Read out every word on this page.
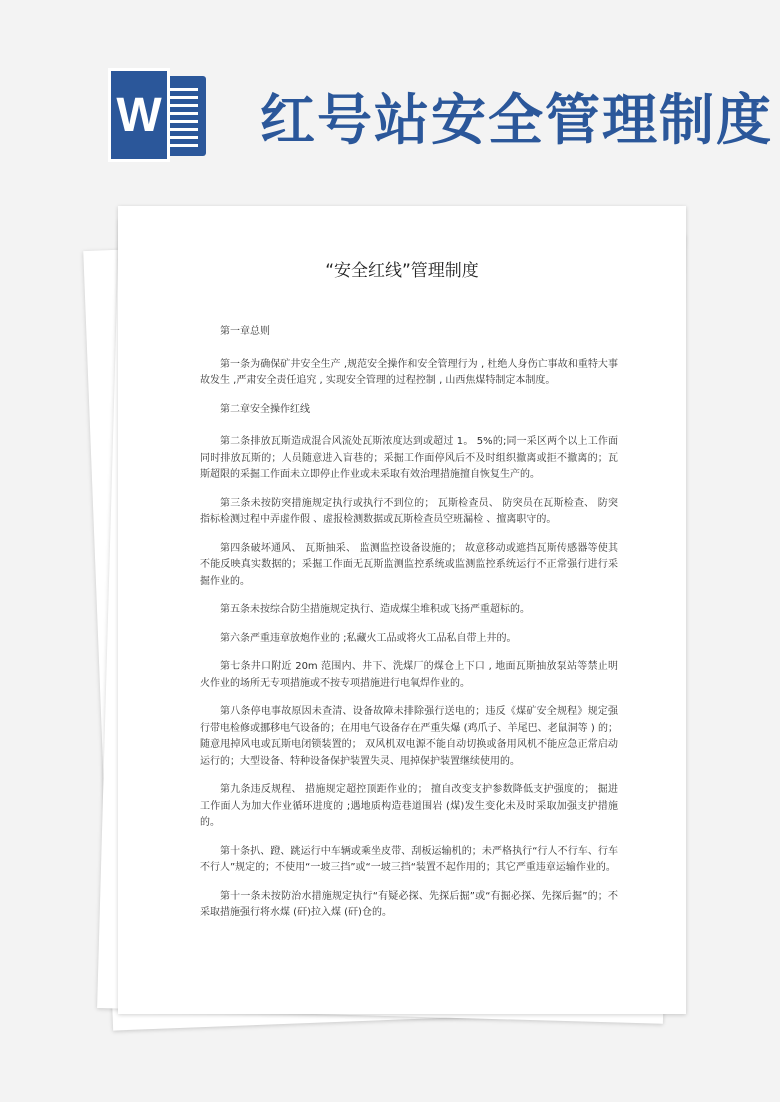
W 红号站安全管理制度
“安全红线”管理制度

第一章总则

第一条为确保矿井安全生产 ,规范安全操作和安全管理行为 , 杜绝人身伤亡事故和重特大事故发生 ,严肃安全责任追究 , 实现安全管理的过程控制 , 山西焦煤特制定本制度。

第二章安全操作红线

第二条排放瓦斯造成混合风流处瓦斯浓度达到或超过 1。 5%的;同一采区两个以上工作面同时排放瓦斯的；人员随意进入盲巷的；采掘工作面停风后不及时组织撤离或拒不撤离的；瓦斯超限的采掘工作面未立即停止作业或未采取有效治理措施擅自恢复生产的。

第三条未按防突措施规定执行或执行不到位的； 瓦斯检查员、 防突员在瓦斯检查、 防突指标检测过程中弄虚作假 、虚报检测数据或瓦斯检查员空班漏检 、擅离职守的。

第四条破坏通风、 瓦斯抽采、 监测监控设备设施的； 故意移动或遮挡瓦斯传感器等使其不能反映真实数据的；采掘工作面无瓦斯监测监控系统或监测监控系统运行不正常强行进行采掘作业的。

第五条未按综合防尘措施规定执行、造成煤尘堆积或飞扬严重超标的。

第六条严重违章放炮作业的 ;私藏火工品或将火工品私自带上井的。

第七条井口附近 20m 范围内、井下、洗煤厂的煤仓上下口 , 地面瓦斯抽放泵站等禁止明火作业的场所无专项措施或不按专项措施进行电氧焊作业的。

第八条停电事故原因未查清、设备故障未排除强行送电的；违反《煤矿安全规程》规定强行带电检修或挪移电气设备的；在用电气设备存在严重失爆 (鸡爪子、羊尾巴、老鼠洞等 ) 的； 随意甩掉风电或瓦斯电闭锁装置的； 双风机双电源不能自动切换或备用风机不能应急正常启动运行的；大型设备、特种设备保护装置失灵、甩掉保护装置继续使用的。

第九条违反规程、 措施规定超控顶距作业的； 擅自改变支护参数降低支护强度的； 掘进工作面人为加大作业循环进度的 ;遇地质构造巷道围岩 (煤)发生变化未及时采取加强支护措施的。

第十条扒、蹬、跳运行中车辆或乘坐皮带、刮板运输机的；未严格执行“行人不行车、行车不行人”规定的；不使用“一坡三挡”或“一坡三挡“装置不起作用的；其它严重违章运输作业的。

第十一条未按防治水措施规定执行“有疑必探、先探后掘”或“有掘必探、先探后掘”的；不采取措施强行将水煤 (矸)拉入煤 (矸)仓的。
